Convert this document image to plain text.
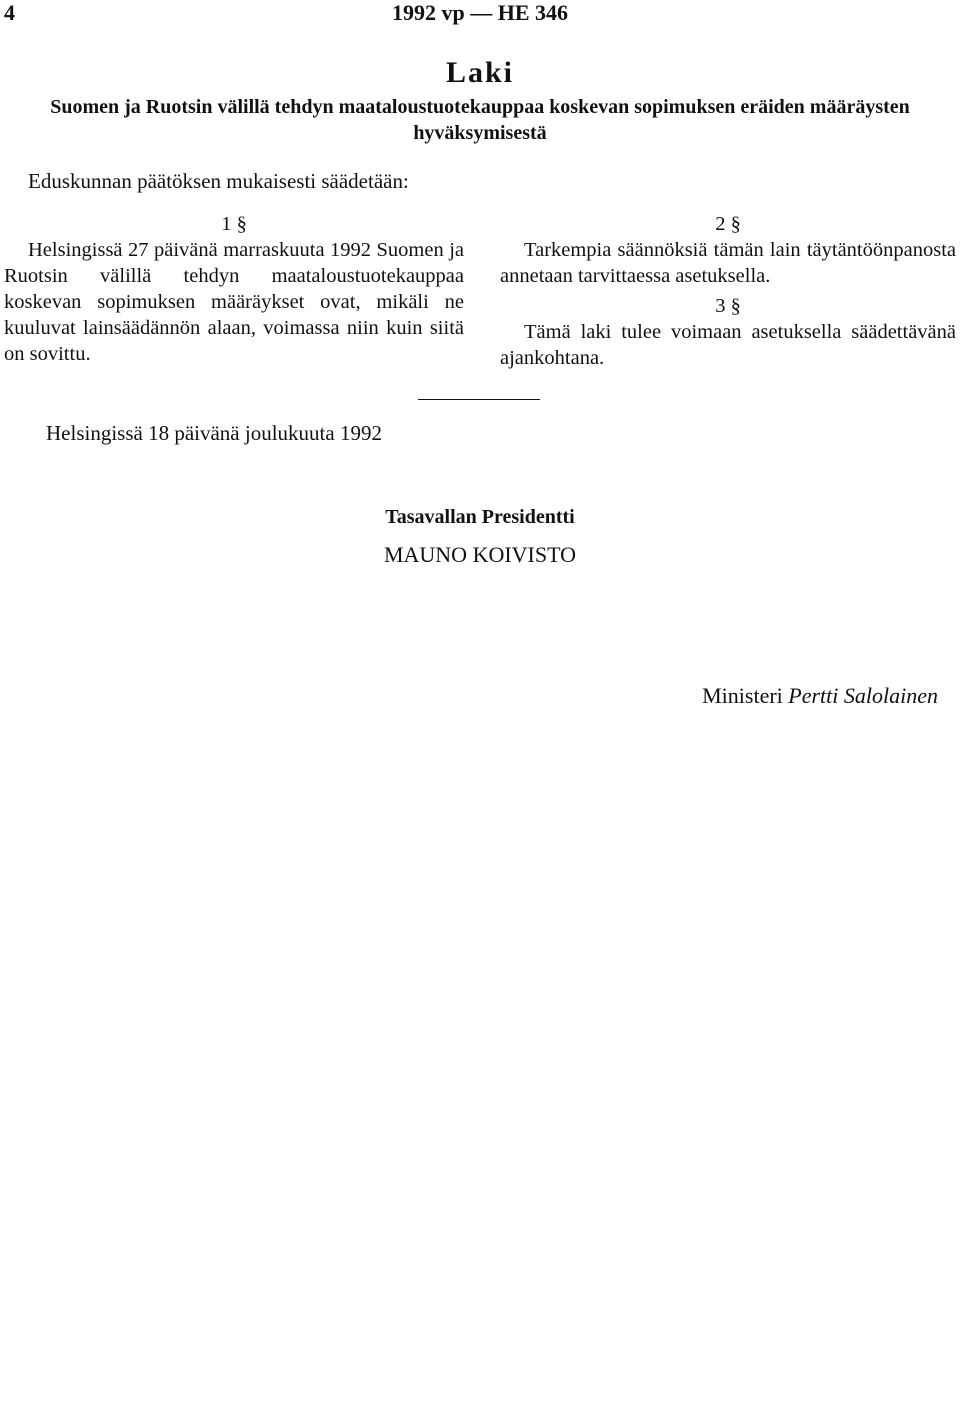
4	1992 vp — HE 346
Laki
Suomen ja Ruotsin välillä tehdyn maataloustuotekauppaa koskevan sopimuksen eräiden määräysten
hyväksymisestä
Eduskunnan päätöksen mukaisesti säädetään:
1 §

Helsingissä 27 päivänä marraskuuta 1992 Suomen ja Ruotsin välillä tehdyn maataloustuotekauppaa koskevan sopimuksen määräykset ovat, mikäli ne kuuluvat lainsäädännön alaan, voimassa niin kuin siitä on sovittu.

2 §

Tarkempia säännöksiä tämän lain täytäntöönpanosta annetaan tarvittaessa asetuksella.

3 §

Tämä laki tulee voimaan asetuksella säädettävänä ajankohtana.

Helsingissä 18 päivänä joulukuuta 1992
Tasavallan Presidentti
MAUNO KOIVISTO
Ministeri Pertti Salolainen
